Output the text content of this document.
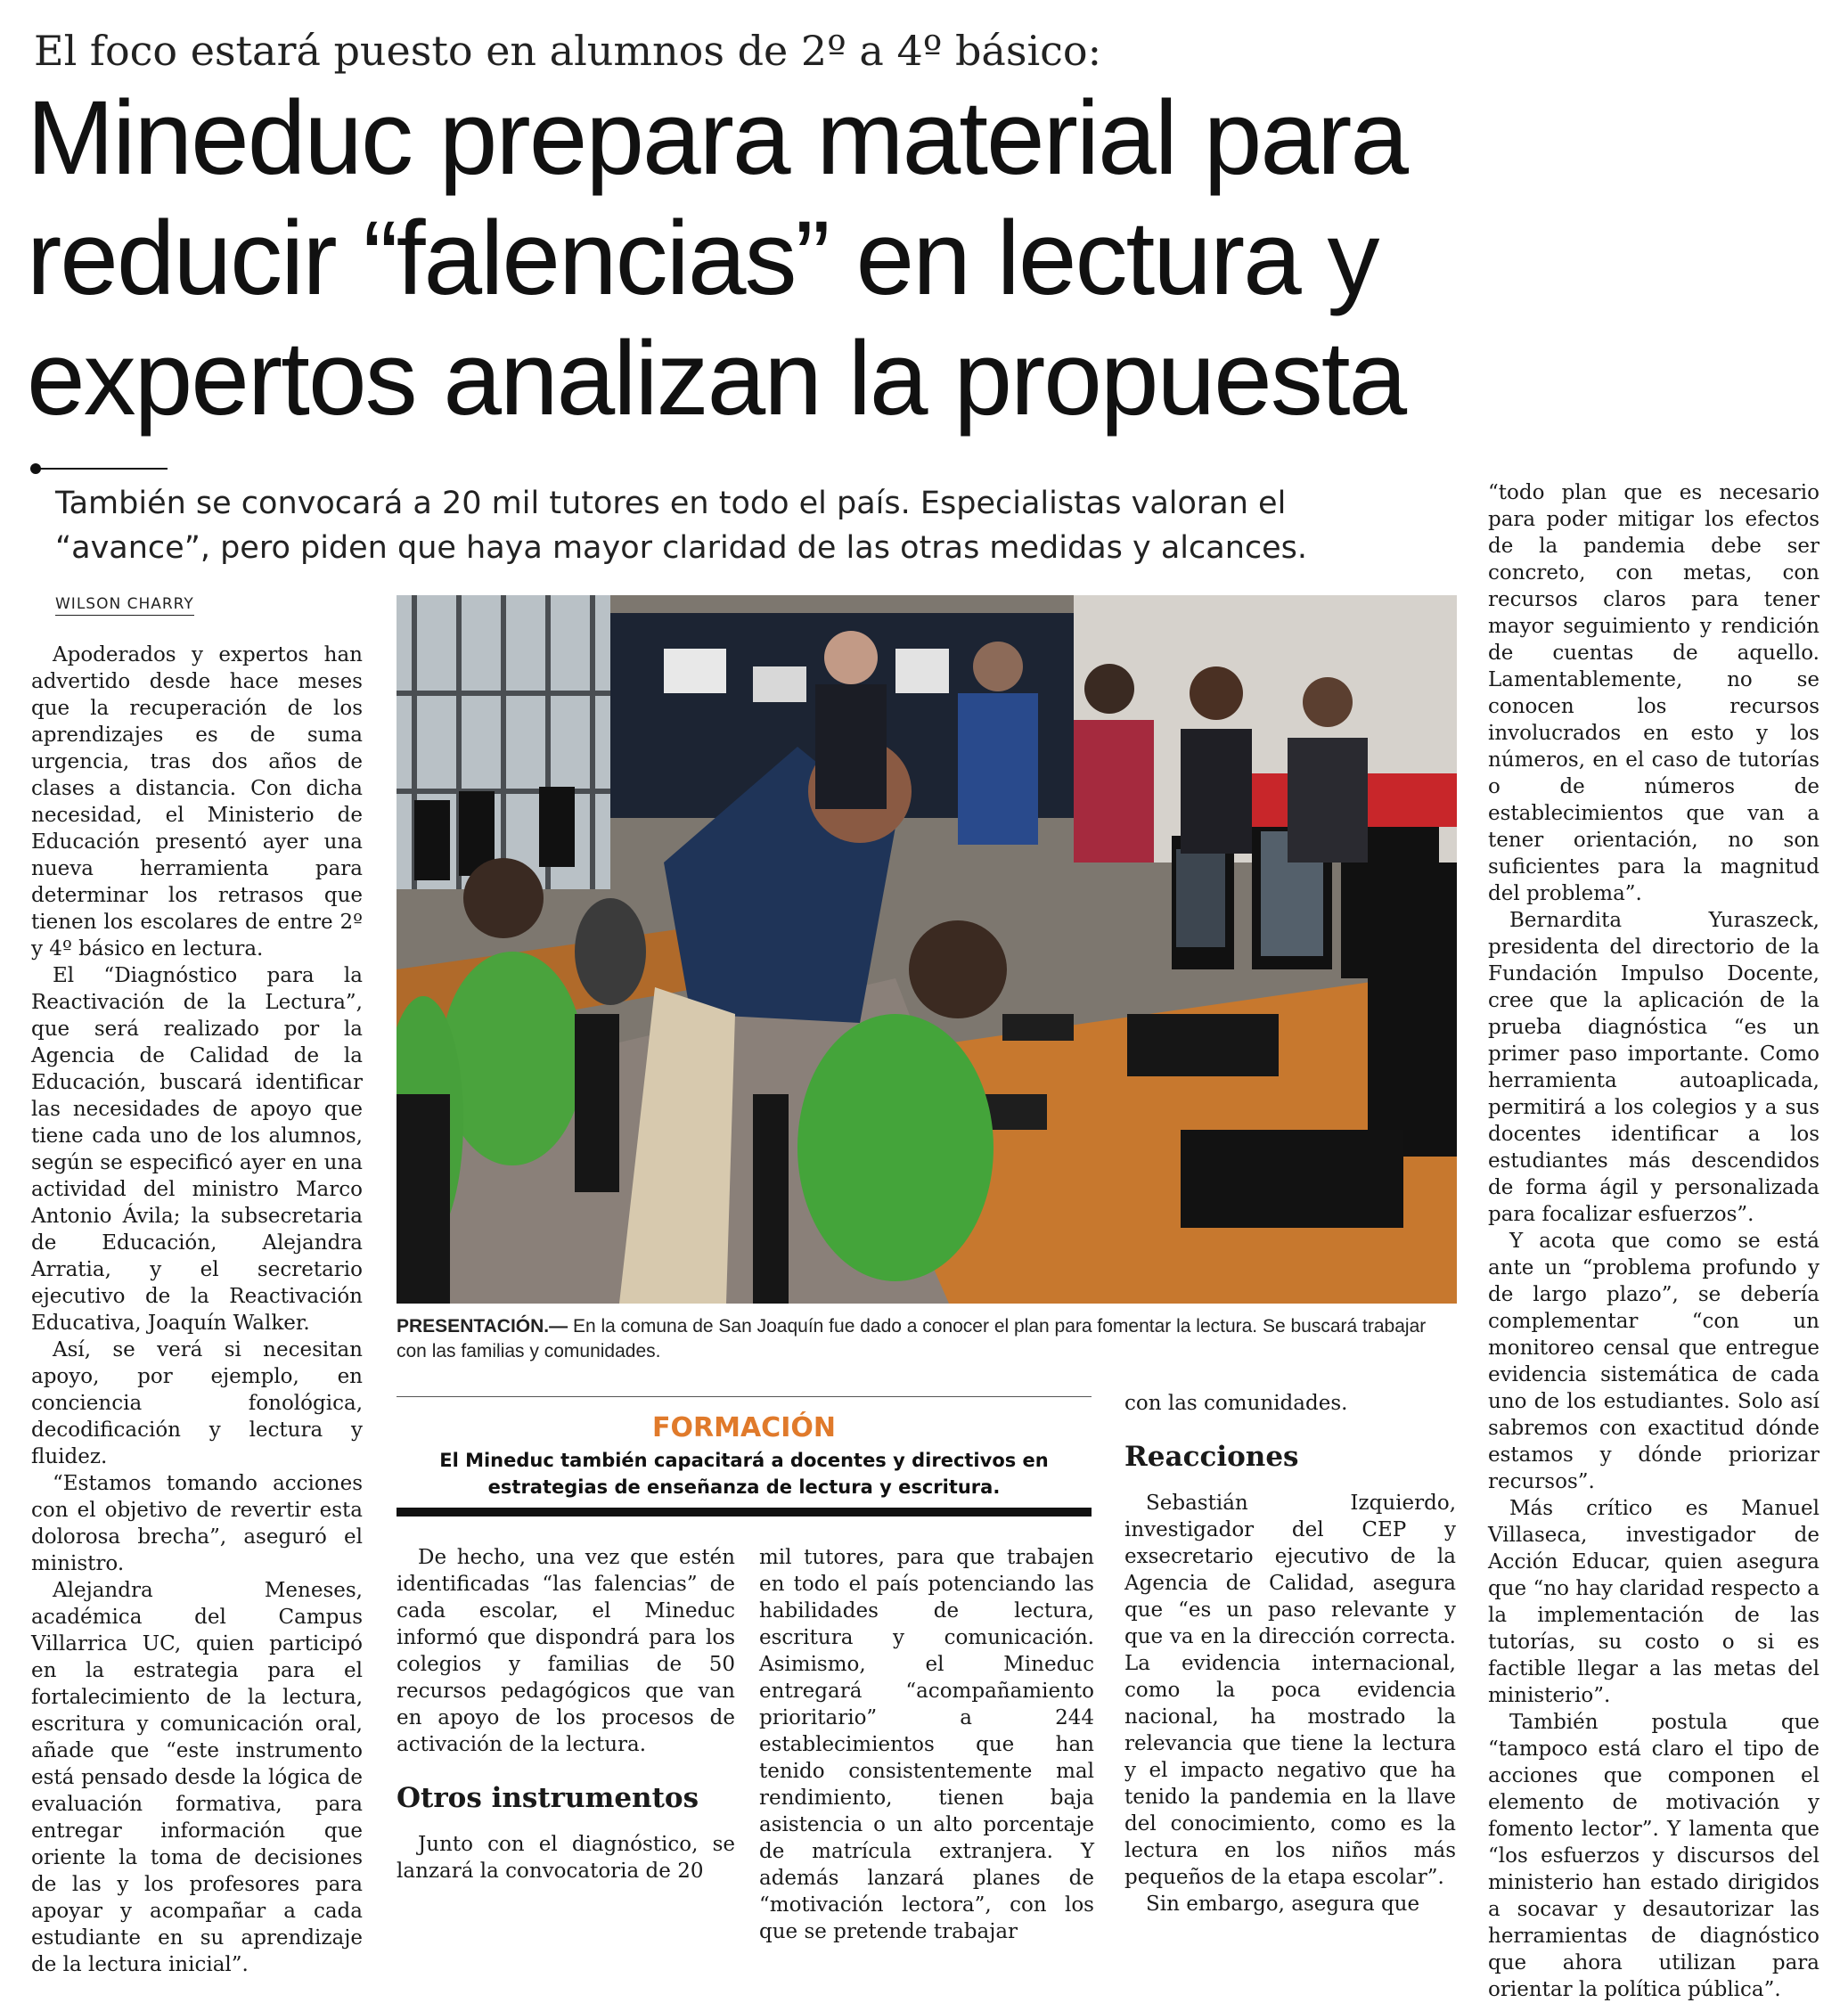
El foco estará puesto en alumnos de 2º a 4º básico:
Mineduc prepara material para
reducir “falencias” en lectura y
expertos analizan la propuesta
También se convocará a 20 mil tutores en todo el país. Especialistas valoran el “avance”, pero piden que haya mayor claridad de las otras medidas y alcances.
WILSON CHARRY

Apoderados y expertos han advertido desde hace meses que la recuperación de los aprendizajes es de suma urgencia, tras dos años de clases a distancia. Con dicha necesidad, el Ministerio de Educación presentó ayer una nueva herramienta para determinar los retrasos que tienen los escolares de entre 2º y 4º básico en lectura.

El “Diagnóstico para la Reactivación de la Lectura”, que será realizado por la Agencia de Calidad de la Educación, buscará identificar las necesidades de apoyo que tiene cada uno de los alumnos, según se especificó ayer en una actividad del ministro Marco Antonio Ávila; la subsecretaria de Educación, Alejandra Arratia, y el secretario ejecutivo de la Reactivación Educativa, Joaquín Walker.

Así, se verá si necesitan apoyo, por ejemplo, en conciencia fonológica, decodificación y lectura y fluidez.

“Estamos tomando acciones con el objetivo de revertir esta dolorosa brecha”, aseguró el ministro.

Alejandra Meneses, académica del Campus Villarrica UC, quien participó en la estrategia para el fortalecimiento de la lectura, escritura y comunicación oral, añade que “este instrumento está pensado desde la lógica de evaluación formativa, para entregar información que oriente la toma de decisiones de las y los profesores para apoyar y acompañar a cada estudiante en su aprendizaje de la lectura inicial”.

PRESENTACIÓN.— En la comuna de San Joaquín fue dado a conocer el plan para fomentar la lectura. Se buscará trabajar con las familias y comunidades.
FORMACIÓN
El Mineduc también capacitará a docentes y directivos en estrategias de enseñanza de lectura y escritura.

De hecho, una vez que estén identificadas “las falencias” de cada escolar, el Mineduc informó que dispondrá para los colegios y familias de 50 recursos pedagógicos que van en apoyo de los procesos de activación de la lectura.

Otros instrumentos

Junto con el diagnóstico, se lanzará la convocatoria de 20

mil tutores, para que trabajen en todo el país potenciando las habilidades de lectura, escritura y comunicación. Asimismo, el Mineduc entregará “acompañamiento prioritario” a 244 establecimientos que han tenido consistentemente mal rendimiento, tienen baja asistencia o un alto porcentaje de matrícula extranjera. Y además lanzará planes de “motivación lectora”, con los que se pretende trabajar

con las comunidades.

Reacciones

Sebastián Izquierdo, investigador del CEP y exsecretario ejecutivo de la Agencia de Calidad, asegura que “es un paso relevante y que va en la dirección correcta. La evidencia internacional, como la poca evidencia nacional, ha mostrado la relevancia que tiene la lectura y el impacto negativo que ha tenido la pandemia en la llave del conocimiento, como es la lectura en los niños más pequeños de la etapa escolar”.

Sin embargo, asegura que

“todo plan que es necesario para poder mitigar los efectos de la pandemia debe ser concreto, con metas, con recursos claros para tener mayor seguimiento y rendición de cuentas de aquello. Lamentablemente, no se conocen los recursos involucrados en esto y los números, en el caso de tutorías o de números de establecimientos que van a tener orientación, no son suficientes para la magnitud del problema”.

Bernardita Yuraszeck, presidenta del directorio de la Fundación Impulso Docente, cree que la aplicación de la prueba diagnóstica “es un primer paso importante. Como herramienta autoaplicada, permitirá a los colegios y a sus docentes identificar a los estudiantes más descendidos de forma ágil y personalizada para focalizar esfuerzos”.

Y acota que como se está ante un “problema profundo y de largo plazo”, se debería complementar “con un monitoreo censal que entregue evidencia sistemática de cada uno de los estudiantes. Solo así sabremos con exactitud dónde estamos y dónde priorizar recursos”.

Más crítico es Manuel Villaseca, investigador de Acción Educar, quien asegura que “no hay claridad respecto a la implementación de las tutorías, su costo o si es factible llegar a las metas del ministerio”.

También postula que “tampoco está claro el tipo de acciones que componen el elemento de motivación y fomento lector”. Y lamenta que “los esfuerzos y discursos del ministerio han estado dirigidos a socavar y desautorizar las herramientas de diagnóstico que ahora utilizan para orientar la política pública”.
